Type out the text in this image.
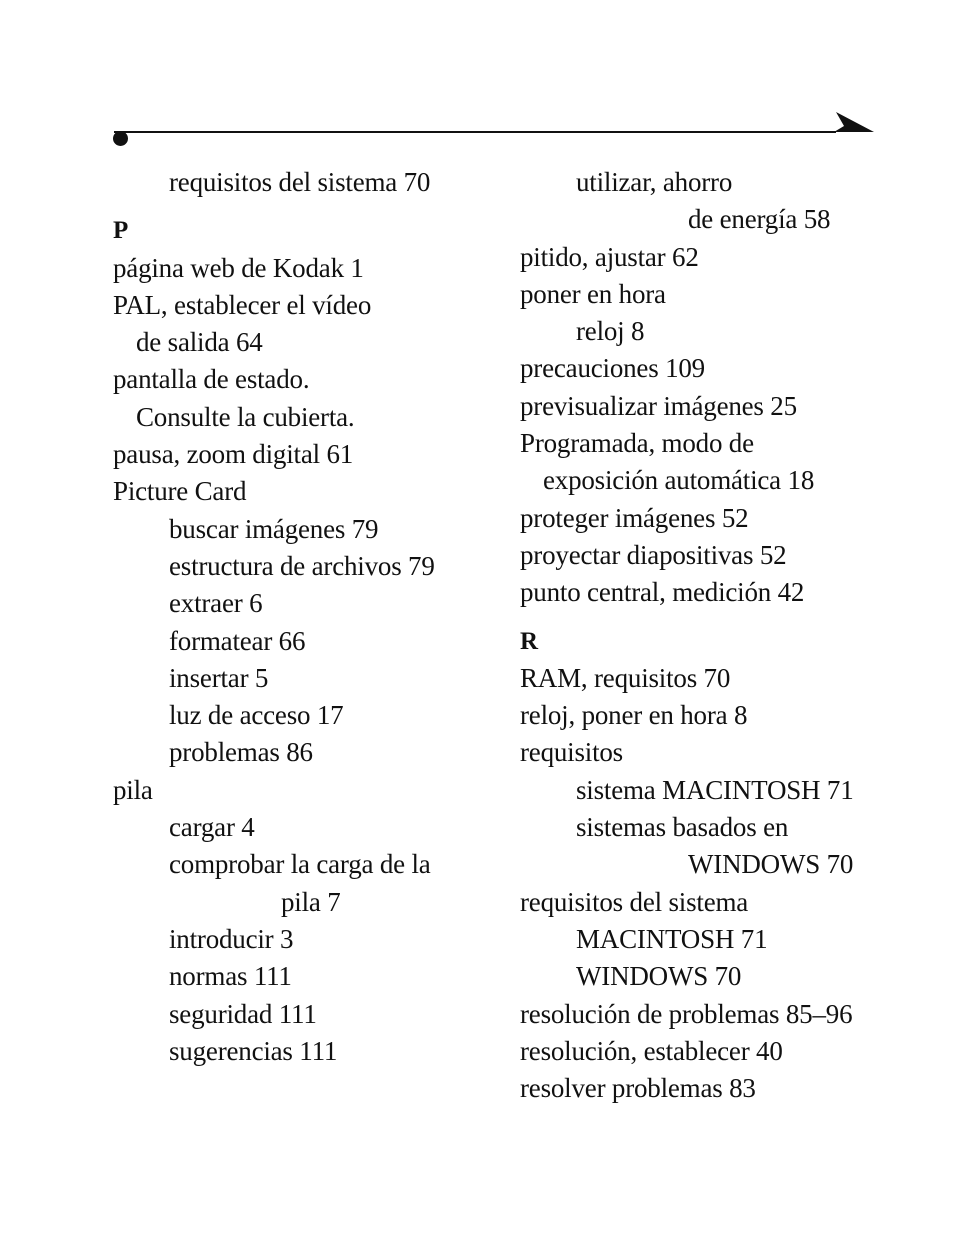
requisitos del sistema 70
P
página web de Kodak 1
PAL, establecer el vídeo
de salida 64
pantalla de estado.
Consulte la cubierta.
pausa, zoom digital 61
Picture Card
buscar imágenes 79
estructura de archivos 79
extraer 6
formatear 66
insertar 5
luz de acceso 17
problemas 86
pila
cargar 4
comprobar la carga de la
pila 7
introducir 3
normas 111
seguridad 111
sugerencias 111
utilizar, ahorro
de energía 58
pitido, ajustar 62
poner en hora
reloj 8
precauciones 109
previsualizar imágenes 25
Programada, modo de
exposición automática 18
proteger imágenes 52
proyectar diapositivas 52
punto central, medición 42
R
RAM, requisitos 70
reloj, poner en hora 8
requisitos
sistema MACINTOSH 71
sistemas basados en
WINDOWS 70
requisitos del sistema
MACINTOSH 71
WINDOWS 70
resolución de problemas 85–96
resolución, establecer 40
resolver problemas 83
